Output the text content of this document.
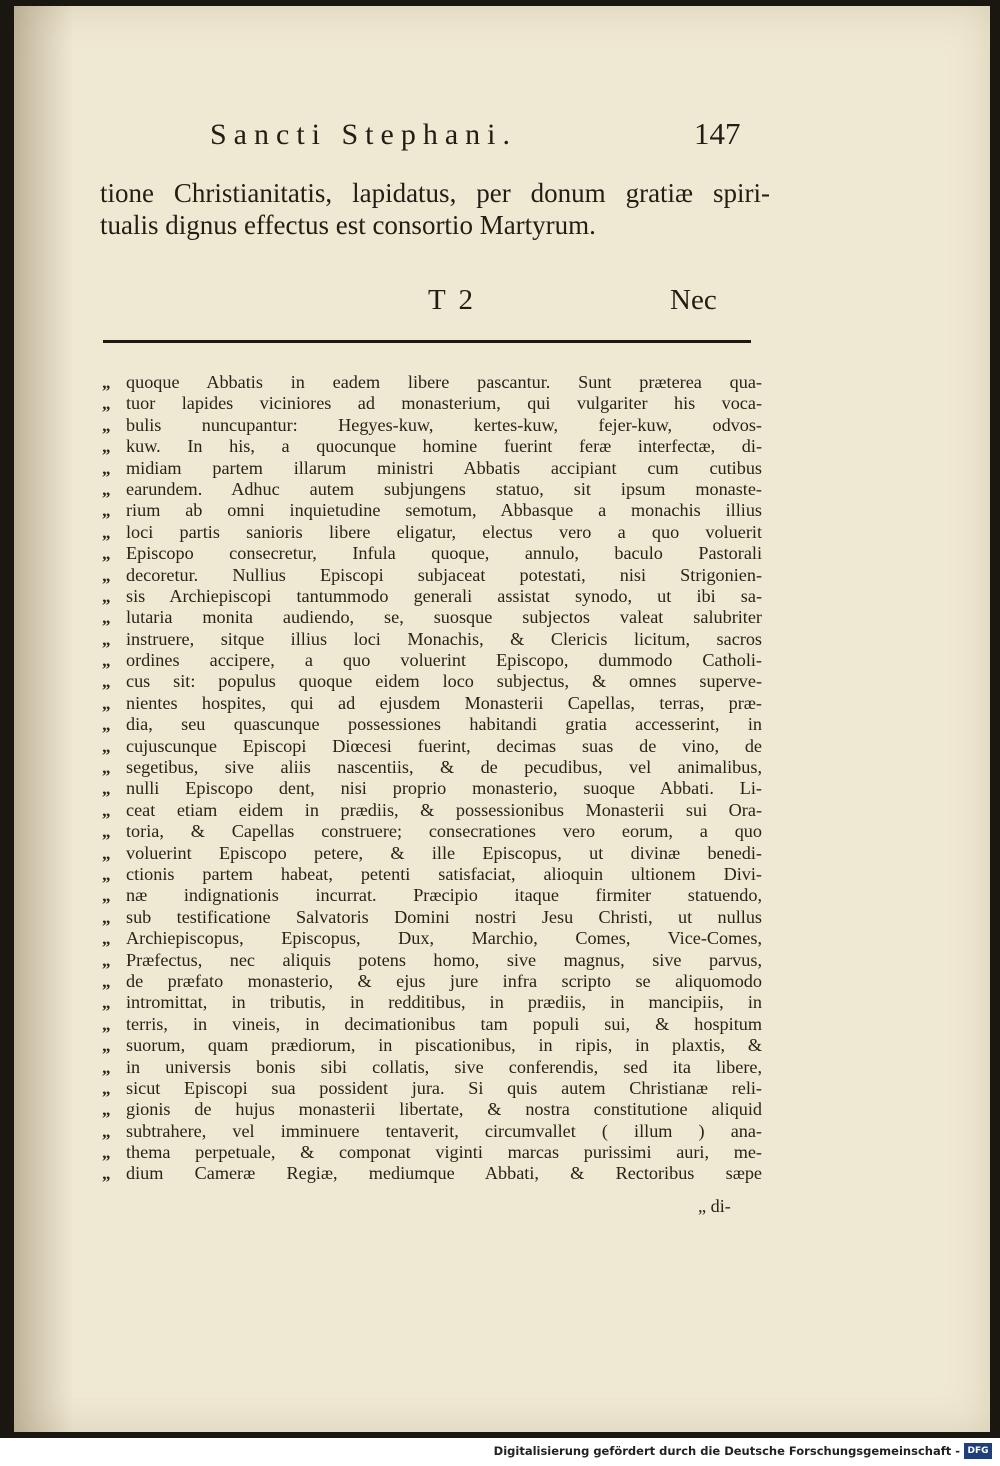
Sancti Stephani.	147
tione Christianitatis, lapidatus, per donum gratiæ spiri-
tualis dignus effectus est consortio Martyrum.
T 2	Nec
„ quoque Abbatis in eadem libere pascantur. Sunt præterea qua-
„ tuor lapides viciniores ad monasterium, qui vulgariter his voca-
„ bulis nuncupantur: Hegyes-kuw, kertes-kuw, fejer-kuw, odvos-
„ kuw. In his, a quocunque homine fuerint feræ interfectæ, di-
„ midiam partem illarum ministri Abbatis accipiant cum cutibus
„ earundem. Adhuc autem subjungens statuo, sit ipsum monaste-
„ rium ab omni inquietudine semotum, Abbasque a monachis illius
„ loci partis sanioris libere eligatur, electus vero a quo voluerit
„ Episcopo consecretur, Infula quoque, annulo, baculo Pastorali
„ decoretur. Nullius Episcopi subjaceat potestati, nisi Strigonien-
„ sis Archiepiscopi tantummodo generali assistat synodo, ut ibi sa-
„ lutaria monita audiendo, se, suosque subjectos valeat salubriter
„ instruere, sitque illius loci Monachis, & Clericis licitum, sacros
„ ordines accipere, a quo voluerint Episcopo, dummodo Catholi-
„ cus sit: populus quoque eidem loco subjectus, & omnes superve-
„ nientes hospites, qui ad ejusdem Monasterii Capellas, terras, præ-
„ dia, seu quascunque possessiones habitandi gratia accesserint, in
„ cujuscunque Episcopi Diœcesi fuerint, decimas suas de vino, de
„ segetibus, sive aliis nascentiis, & de pecudibus, vel animalibus,
„ nulli Episcopo dent, nisi proprio monasterio, suoque Abbati. Li-
„ ceat etiam eidem in prædiis, & possessionibus Monasterii sui Ora-
„ toria, & Capellas construere; consecrationes vero eorum, a quo
„ voluerint Episcopo petere, & ille Episcopus, ut divinæ benedi-
„ ctionis partem habeat, petenti satisfaciat, alioquin ultionem Divi-
„ næ indignationis incurrat. Præcipio itaque firmiter statuendo,
„ sub testificatione Salvatoris Domini nostri Jesu Christi, ut nullus
„ Archiepiscopus, Episcopus, Dux, Marchio, Comes, Vice-Comes,
„ Præfectus, nec aliquis potens homo, sive magnus, sive parvus,
„ de præfato monasterio, & ejus jure infra scripto se aliquomodo
„ intromittat, in tributis, in redditibus, in prædiis, in mancipiis, in
„ terris, in vineis, in decimationibus tam populi sui, & hospitum
„ suorum, quam prædiorum, in piscationibus, in ripis, in plaxtis, &
„ in universis bonis sibi collatis, sive conferendis, sed ita libere,
„ sicut Episcopi sua possident jura. Si quis autem Christianæ reli-
„ gionis de hujus monasterii libertate, & nostra constitutione aliquid
„ subtrahere, vel imminuere tentaverit, circumvallet ( illum ) ana-
„ thema perpetuale, & componat viginti marcas purissimi auri, me-
„ dium Cameræ Regiæ, mediumque Abbati, & Rectoribus sæpe
„ di-
Digitalisierung gefördert durch die Deutsche Forschungsgemeinschaft - DFG
